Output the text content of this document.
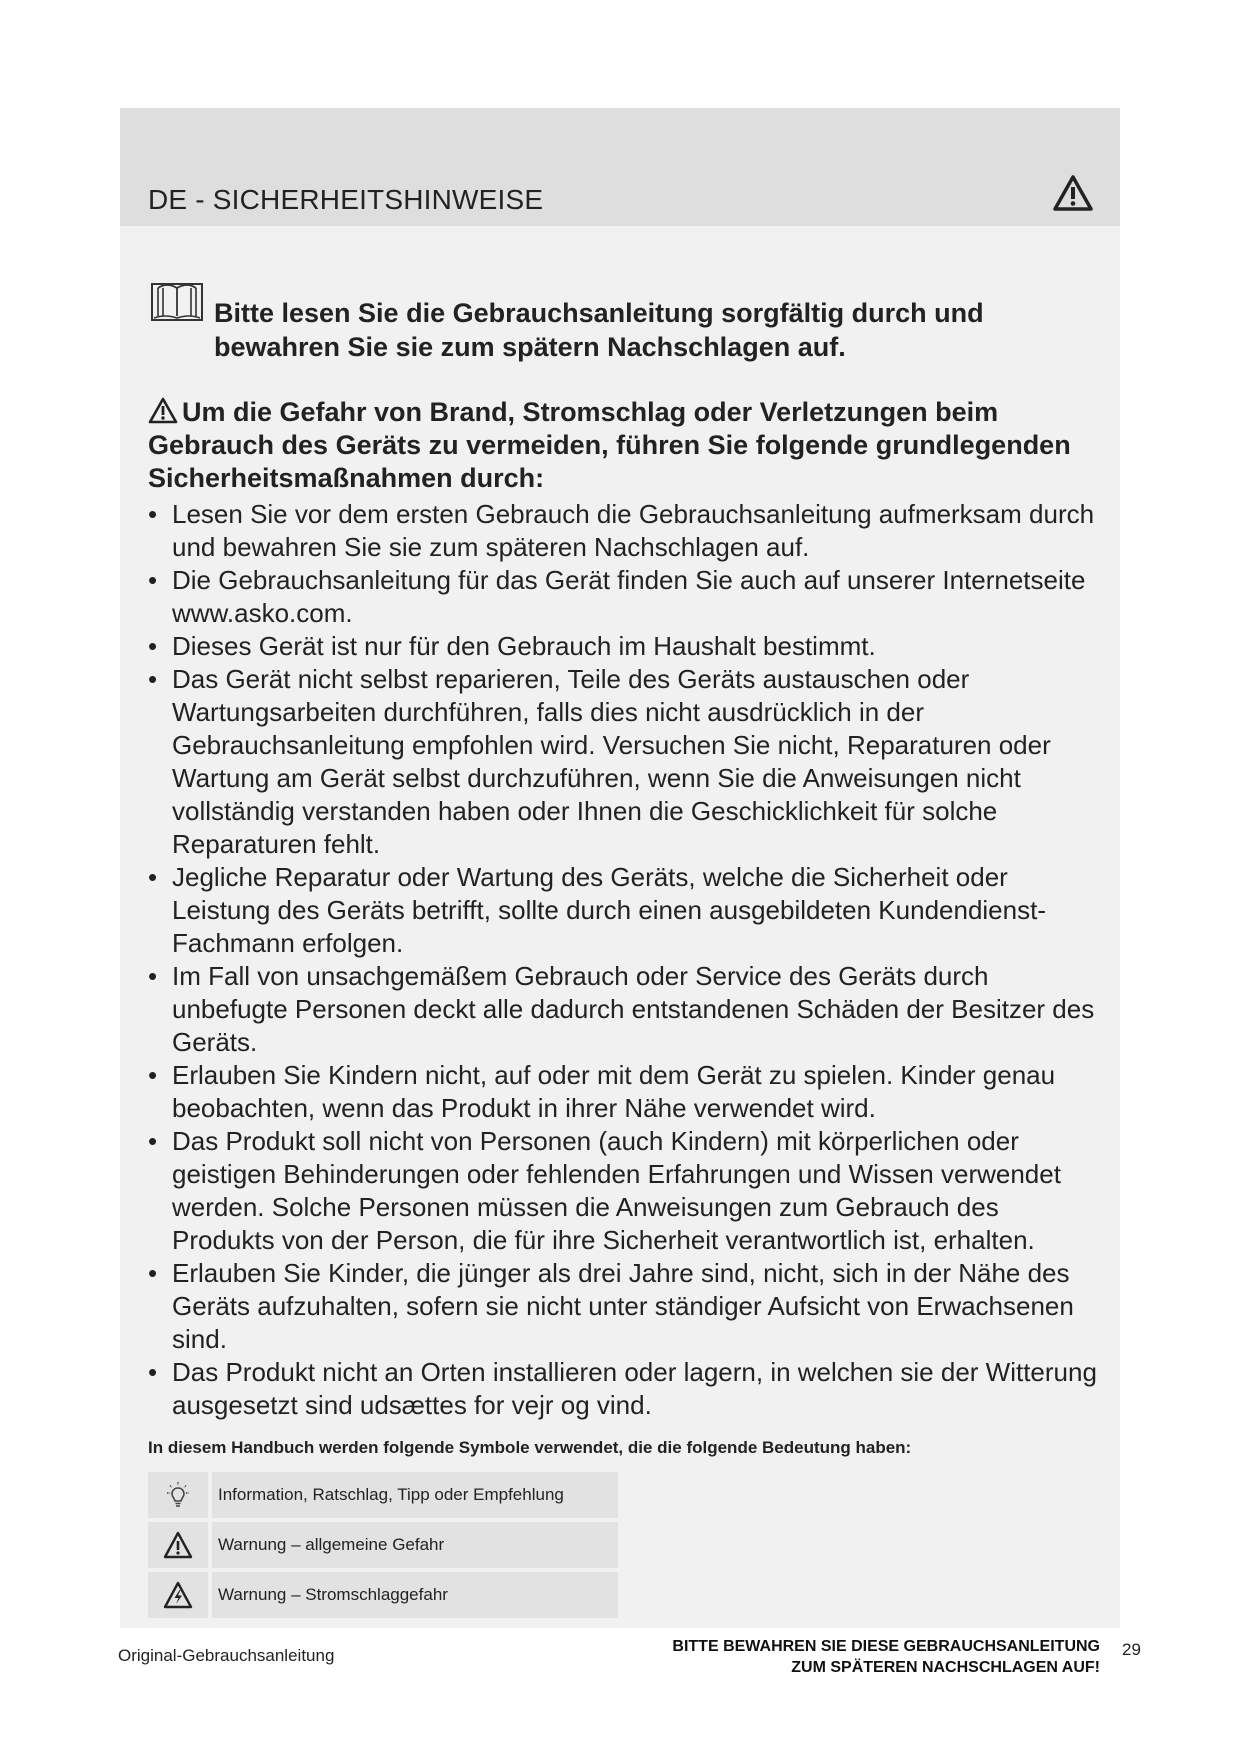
DE - SICHERHEITSHINWEISE
Bitte lesen Sie die Gebrauchsanleitung sorgfältig durch und
bewahren Sie sie zum spätern Nachschlagen auf.
Um die Gefahr von Brand, Stromschlag oder Verletzungen beim Gebrauch des Geräts zu vermeiden, führen Sie folgende grundlegenden Sicherheitsmaßnahmen durch:
• Lesen Sie vor dem ersten Gebrauch die Gebrauchsanleitung aufmerksam durch und bewahren Sie sie zum späteren Nachschlagen auf.
• Die Gebrauchsanleitung für das Gerät finden Sie auch auf unserer Internetseite www.asko.com.
• Dieses Gerät ist nur für den Gebrauch im Haushalt bestimmt.
• Das Gerät nicht selbst reparieren, Teile des Geräts austauschen oder Wartungsarbeiten durchführen, falls dies nicht ausdrücklich in der Gebrauchsanleitung empfohlen wird. Versuchen Sie nicht, Reparaturen oder Wartung am Gerät selbst durchzuführen, wenn Sie die Anweisungen nicht vollständig verstanden haben oder Ihnen die Geschicklichkeit für solche Reparaturen fehlt.
• Jegliche Reparatur oder Wartung des Geräts, welche die Sicherheit oder Leistung des Geräts betrifft, sollte durch einen ausgebildeten Kundendienst-Fachmann erfolgen.
• Im Fall von unsachgemäßem Gebrauch oder Service des Geräts durch unbefugte Personen deckt alle dadurch entstandenen Schäden der Besitzer des Geräts.
• Erlauben Sie Kindern nicht, auf oder mit dem Gerät zu spielen. Kinder genau beobachten, wenn das Produkt in ihrer Nähe verwendet wird.
• Das Produkt soll nicht von Personen (auch Kindern) mit körperlichen oder geistigen Behinderungen oder fehlenden Erfahrungen und Wissen verwendet werden. Solche Personen müssen die Anweisungen zum Gebrauch des Produkts von der Person, die für ihre Sicherheit verantwortlich ist, erhalten.
• Erlauben Sie Kinder, die jünger als drei Jahre sind, nicht, sich in der Nähe des Geräts aufzuhalten, sofern sie nicht unter ständiger Aufsicht von Erwachsenen sind.
• Das Produkt nicht an Orten installieren oder lagern, in welchen sie der Witterung ausgesetzt sind udsættes for vejr og vind.
In diesem Handbuch werden folgende Symbole verwendet, die die folgende Bedeutung haben:
	Information, Ratschlag, Tipp oder Empfehlung
	Warnung – allgemeine Gefahr
	Warnung – Stromschlaggefahr
Original-Gebrauchsanleitung	BITTE BEWAHREN SIE DIESE GEBRAUCHSANLEITUNG
ZUM SPÄTEREN NACHSCHLAGEN AUF!
29
